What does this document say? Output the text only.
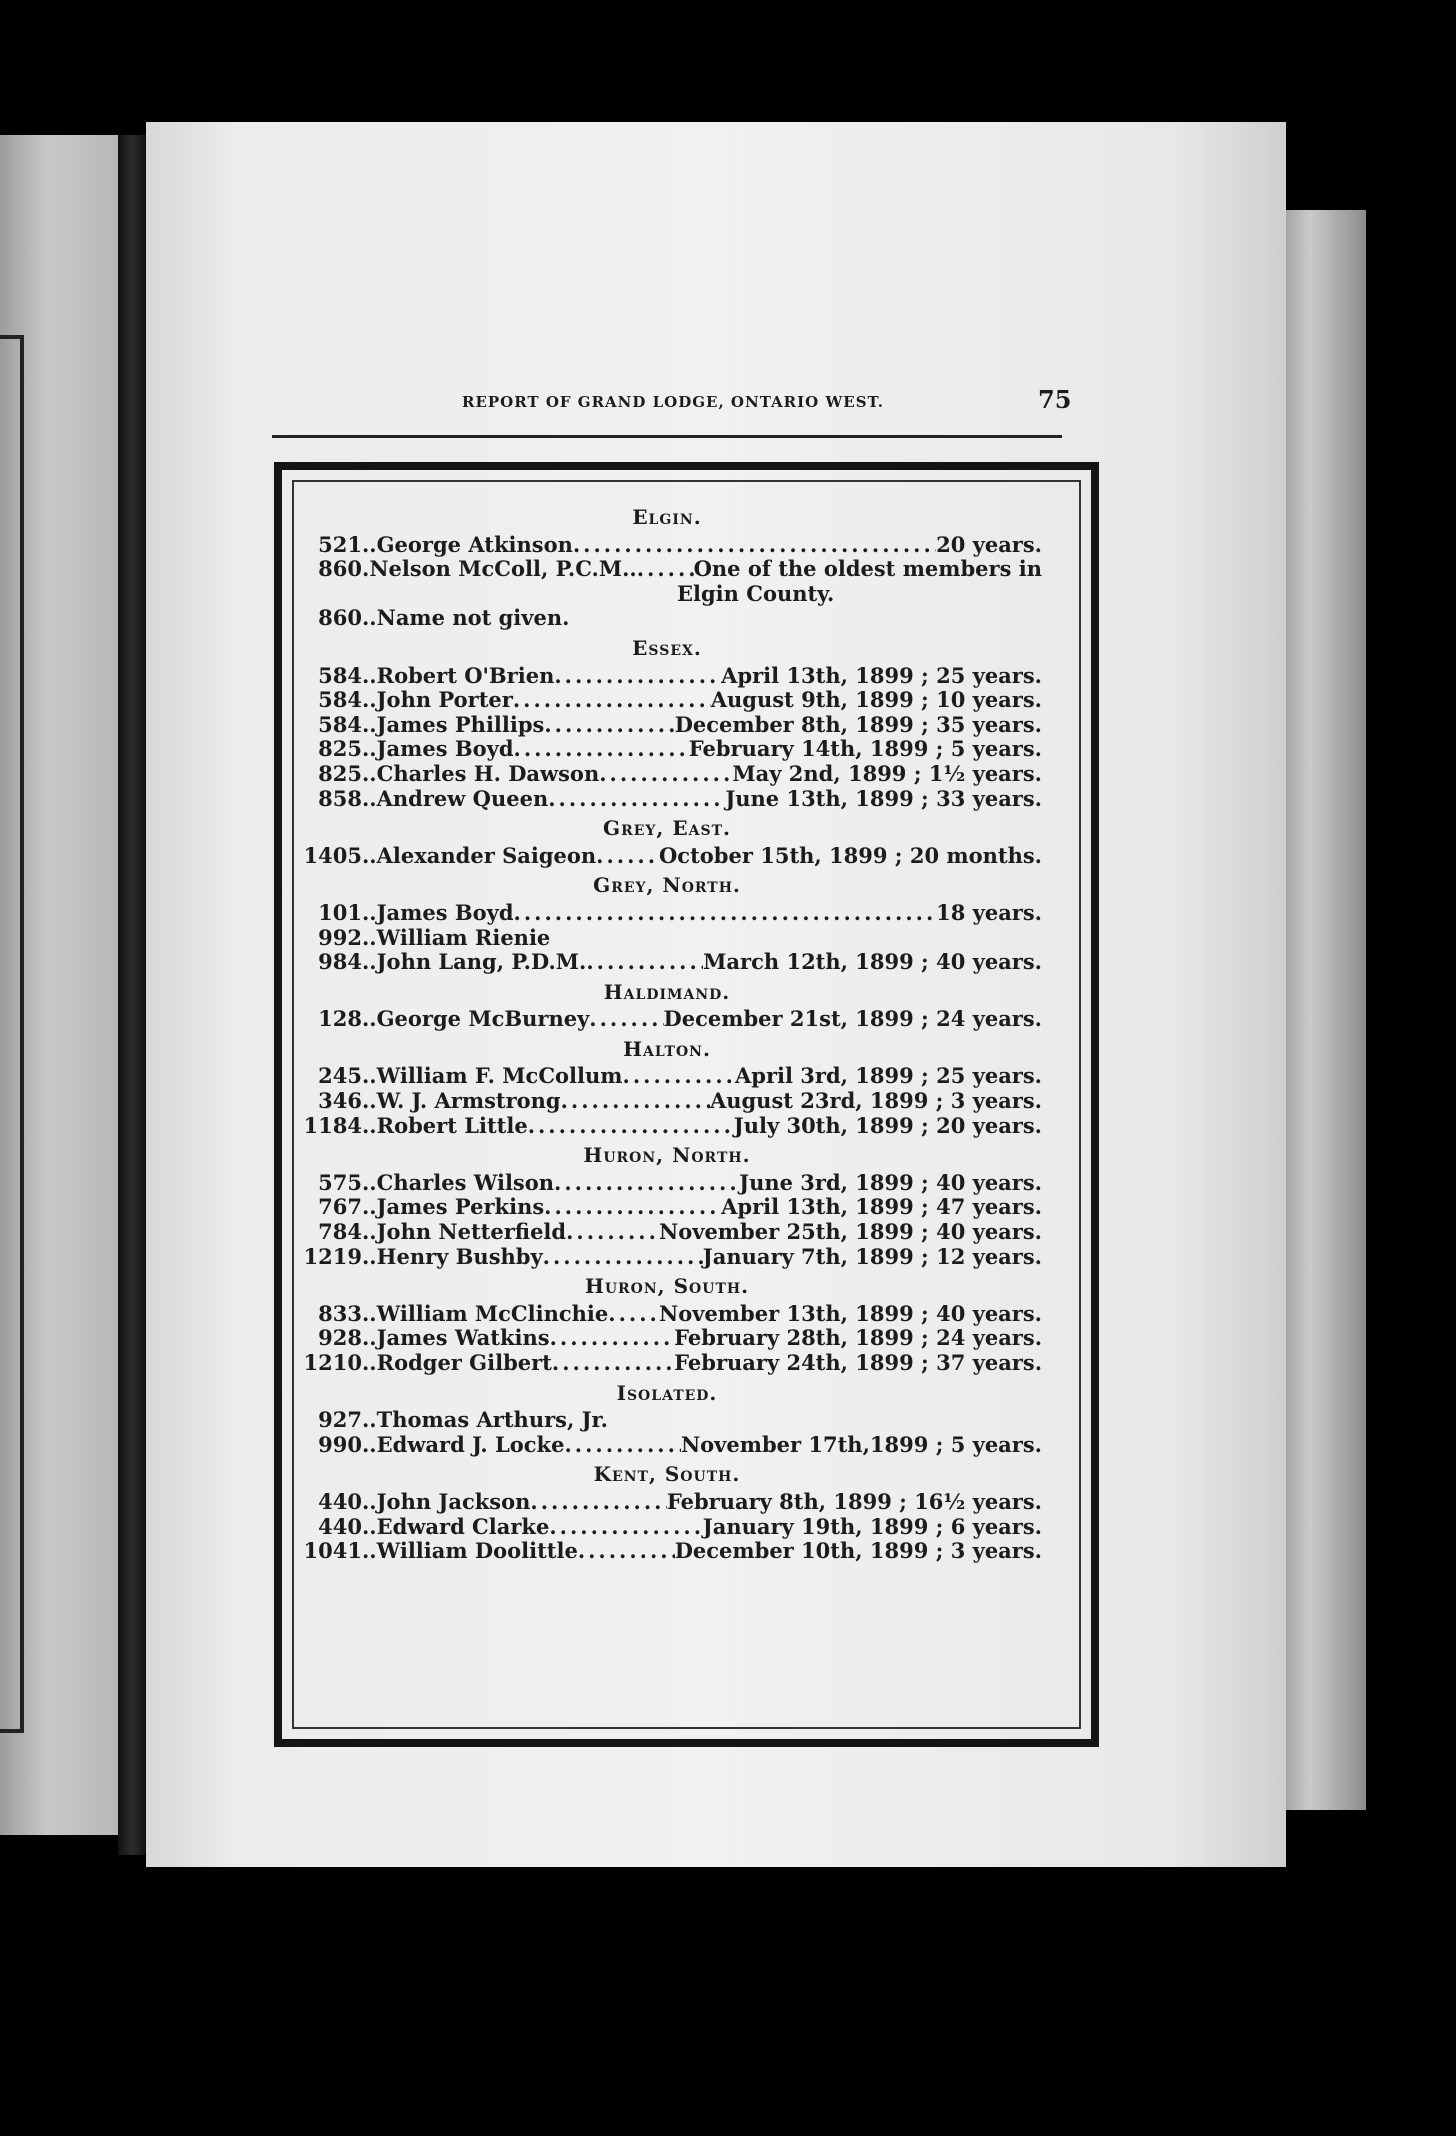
REPORT OF GRAND LODGE, ONTARIO WEST.	75
Elgin.
521 .. George Atkinson .....	20 years.
860 . Nelson McColl, P.C.M.. .....	One of the oldest members in
Elgin County.
860 .. Name not given.
Essex.
584 .. Robert O'Brien .....	April 13th, 1899 ; 25 years.
584 .. John Porter .....	August 9th, 1899 ; 10 years.
584 .. James Phillips .....	December 8th, 1899 ; 35 years.
825 .. James Boyd .....	February 14th, 1899 ; 5 years.
825 .. Charles H. Dawson .....	May 2nd, 1899 ; 1½ years.
858 .. Andrew Queen .....	June 13th, 1899 ; 33 years.
Grey, East.
1405 .. Alexander Saigeon .....	October 15th, 1899 ; 20 months.
Grey, North.
101 .. James Boyd .....	18 years.
992 .. William Rienie
984 .. John Lang, P.D.M. .....	March 12th, 1899 ; 40 years.
Haldimand.
128 .. George McBurney .....	December 21st, 1899 ; 24 years.
Halton.
245 .. William F. McCollum .....	April 3rd, 1899 ; 25 years.
346 .. W. J. Armstrong .....	August 23rd, 1899 ; 3 years.
1184 .. Robert Little .....	July 30th, 1899 ; 20 years.
Huron, North.
575 .. Charles Wilson .....	June 3rd, 1899 ; 40 years.
767 .. James Perkins .....	April 13th, 1899 ; 47 years.
784 .. John Netterfield .....	November 25th, 1899 ; 40 years.
1219 .. Henry Bushby .....	January 7th, 1899 ; 12 years.
Huron, South.
833 .. William McClinchie ..... November 13th, 1899 ; 40 years.
928 .. James Watkins .....	February 28th, 1899 ; 24 years.
1210 .. Rodger Gilbert .....	February 24th, 1899 ; 37 years.
Isolated.
927 .. Thomas Arthurs, Jr.
990 .. Edward J. Locke .....	November 17th,1899 ; 5 years.
Kent, South.
440 .. John Jackson .....	February 8th, 1899 ; 16½ years.
440 .. Edward Clarke .....	January 19th, 1899 ; 6 years.
1041 .. William Doolittle .....	December 10th, 1899 ; 3 years.
